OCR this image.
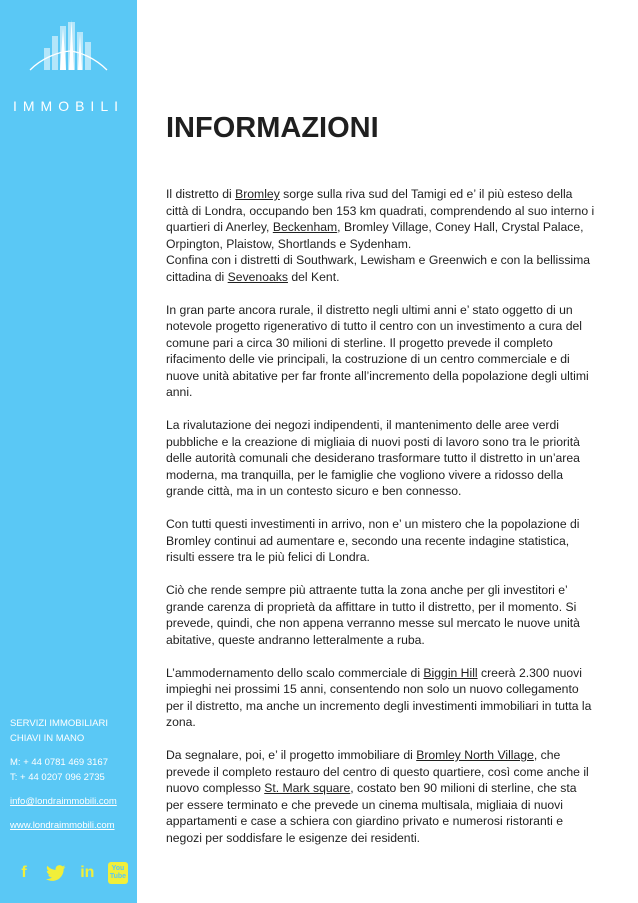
LONDRA
IMMOBILI
SERVIZI IMMOBILIARI
CHIAVI IN MANO
M: + 44 0781 469 3167
T: + 44 0207 096 2735
info@londraimmobili.com
www.londraimmobili.com
f	in	You
Tube
INFORMAZIONI

Il distretto di Bromley sorge sulla riva sud del Tamigi ed e’ il più esteso della città di Londra, occupando ben 153 km quadrati, comprendendo al suo interno i quartieri di Anerley, Beckenham, Bromley Village, Coney Hall, Crystal Palace, Orpington, Plaistow, Shortlands e Sydenham.
Confina con i distretti di Southwark, Lewisham e Greenwich e con la bellissima cittadina di Sevenoaks del Kent.

In gran parte ancora rurale, il distretto negli ultimi anni e’ stato oggetto di un notevole progetto rigenerativo di tutto il centro con un investimento a cura del comune pari a circa 30 milioni di sterline. Il progetto prevede il completo rifacimento delle vie principali, la costruzione di un centro commerciale e di nuove unità abitative per far fronte all’incremento della popolazione degli ultimi anni.

La rivalutazione dei negozi indipendenti, il mantenimento delle aree verdi pubbliche e la creazione di migliaia di nuovi posti di lavoro sono tra le priorità delle autorità comunali che desiderano trasformare tutto il distretto in un’area moderna, ma tranquilla, per le famiglie che vogliono vivere a ridosso della grande città, ma in un contesto sicuro e ben connesso.

Con tutti questi investimenti in arrivo, non e’ un mistero che la popolazione di Bromley continui ad aumentare e, secondo una recente indagine statistica, risulti essere tra le più felici di Londra.

Ciò che rende sempre più attraente tutta la zona anche per gli investitori e’ grande carenza di proprietà da affittare in tutto il distretto, per il momento. Si prevede, quindi, che non appena verranno messe sul mercato le nuove unità abitative, queste andranno letteralmente a ruba.

L’ammodernamento dello scalo commerciale di Biggin Hill creerà 2.300 nuovi impieghi nei prossimi 15 anni, consentendo non solo un nuovo collegamento per il distretto, ma anche un incremento degli investimenti immobiliari in tutta la zona.

Da segnalare, poi, e’ il progetto immobiliare di Bromley North Village, che prevede il completo restauro del centro di questo quartiere, così come anche il nuovo complesso St. Mark square, costato ben 90 milioni di sterline, che sta per essere terminato e che prevede un cinema multisala, migliaia di nuovi appartamenti e case a schiera con giardino privato e numerosi ristoranti e negozi per soddisfare le esigenze dei residenti.
